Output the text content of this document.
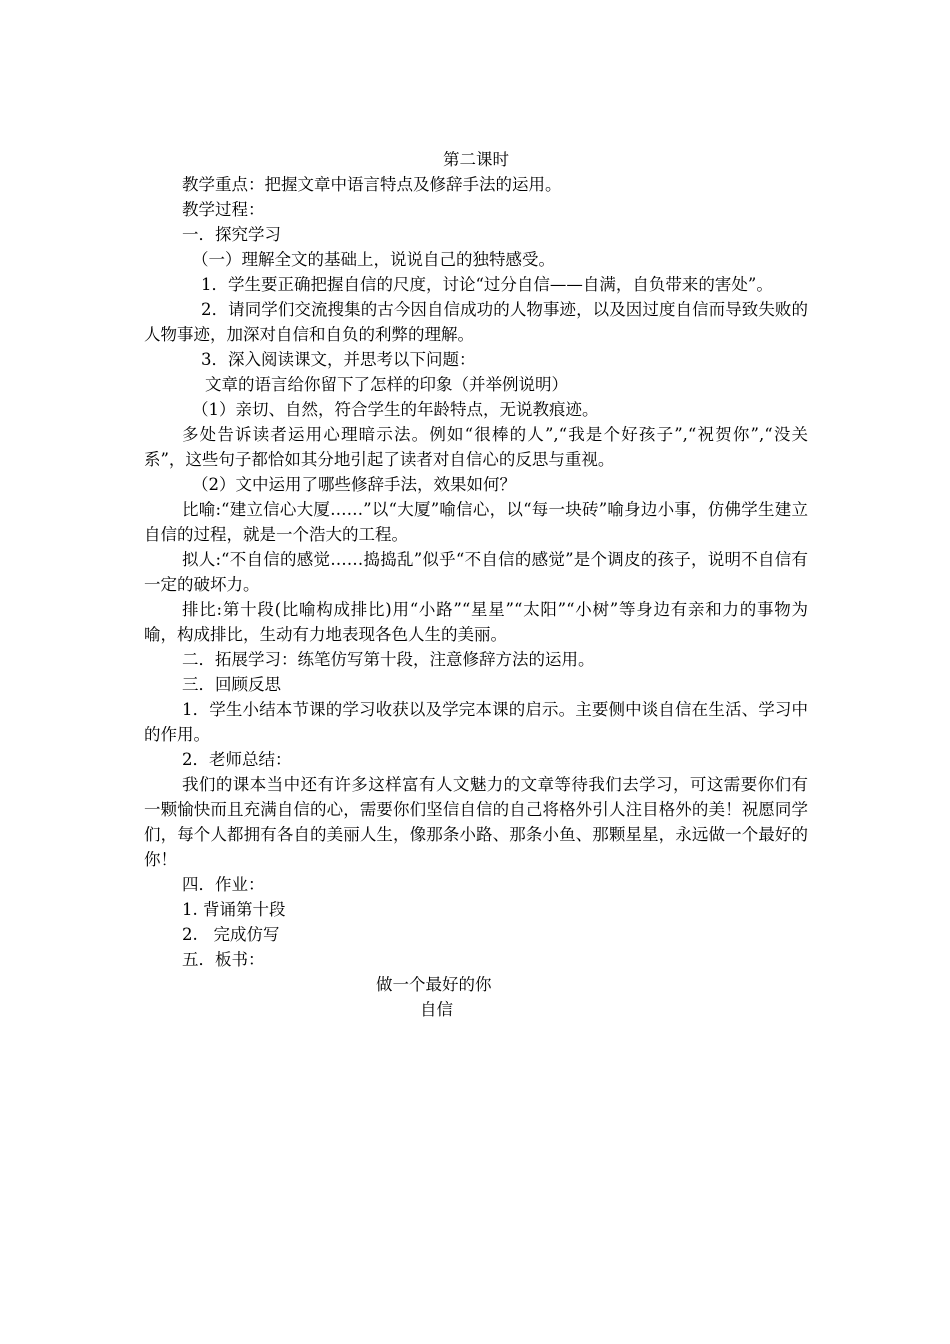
第二课时

教学重点：把握文章中语言特点及修辞手法的运用。

教学过程：

一．探究学习

（一）理解全文的基础上，说说自己的独特感受。

1．学生要正确把握自信的尺度，讨论“过分自信——自满，自负带来的害处”。

2．请同学们交流搜集的古今因自信成功的人物事迹，以及因过度自信而导致失败的人物事迹，加深对自信和自负的利弊的理解。

3．深入阅读课文，并思考以下问题：

文章的语言给你留下了怎样的印象（并举例说明）

（1）亲切、自然，符合学生的年龄特点，无说教痕迹。

多处告诉读者运用心理暗示法。例如“很棒的人”,“我是个好孩子”,“祝贺你”,“没关系”，这些句子都恰如其分地引起了读者对自信心的反思与重视。

（2）文中运用了哪些修辞手法，效果如何？

比喻:“建立信心大厦……”以“大厦”喻信心，以“每一块砖”喻身边小事，仿佛学生建立自信的过程，就是一个浩大的工程。

拟人:“不自信的感觉……捣捣乱”似乎“不自信的感觉”是个调皮的孩子，说明不自信有一定的破坏力。

排比:第十段(比喻构成排比)用“小路”“星星”“太阳”“小树”等身边有亲和力的事物为喻，构成排比，生动有力地表现各色人生的美丽。

二．拓展学习：练笔仿写第十段，注意修辞方法的运用。

三．回顾反思

1．学生小结本节课的学习收获以及学完本课的启示。主要侧中谈自信在生活、学习中的作用。

2．老师总结：

我们的课本当中还有许多这样富有人文魅力的文章等待我们去学习，可这需要你们有一颗愉快而且充满自信的心，需要你们坚信自信的自己将格外引人注目格外的美！祝愿同学们，每个人都拥有各自的美丽人生，像那条小路、那条小鱼、那颗星星，永远做一个最好的你！

四．作业：

1. 背诵第十段

2.   完成仿写

五．板书：

做一个最好的你

自信
